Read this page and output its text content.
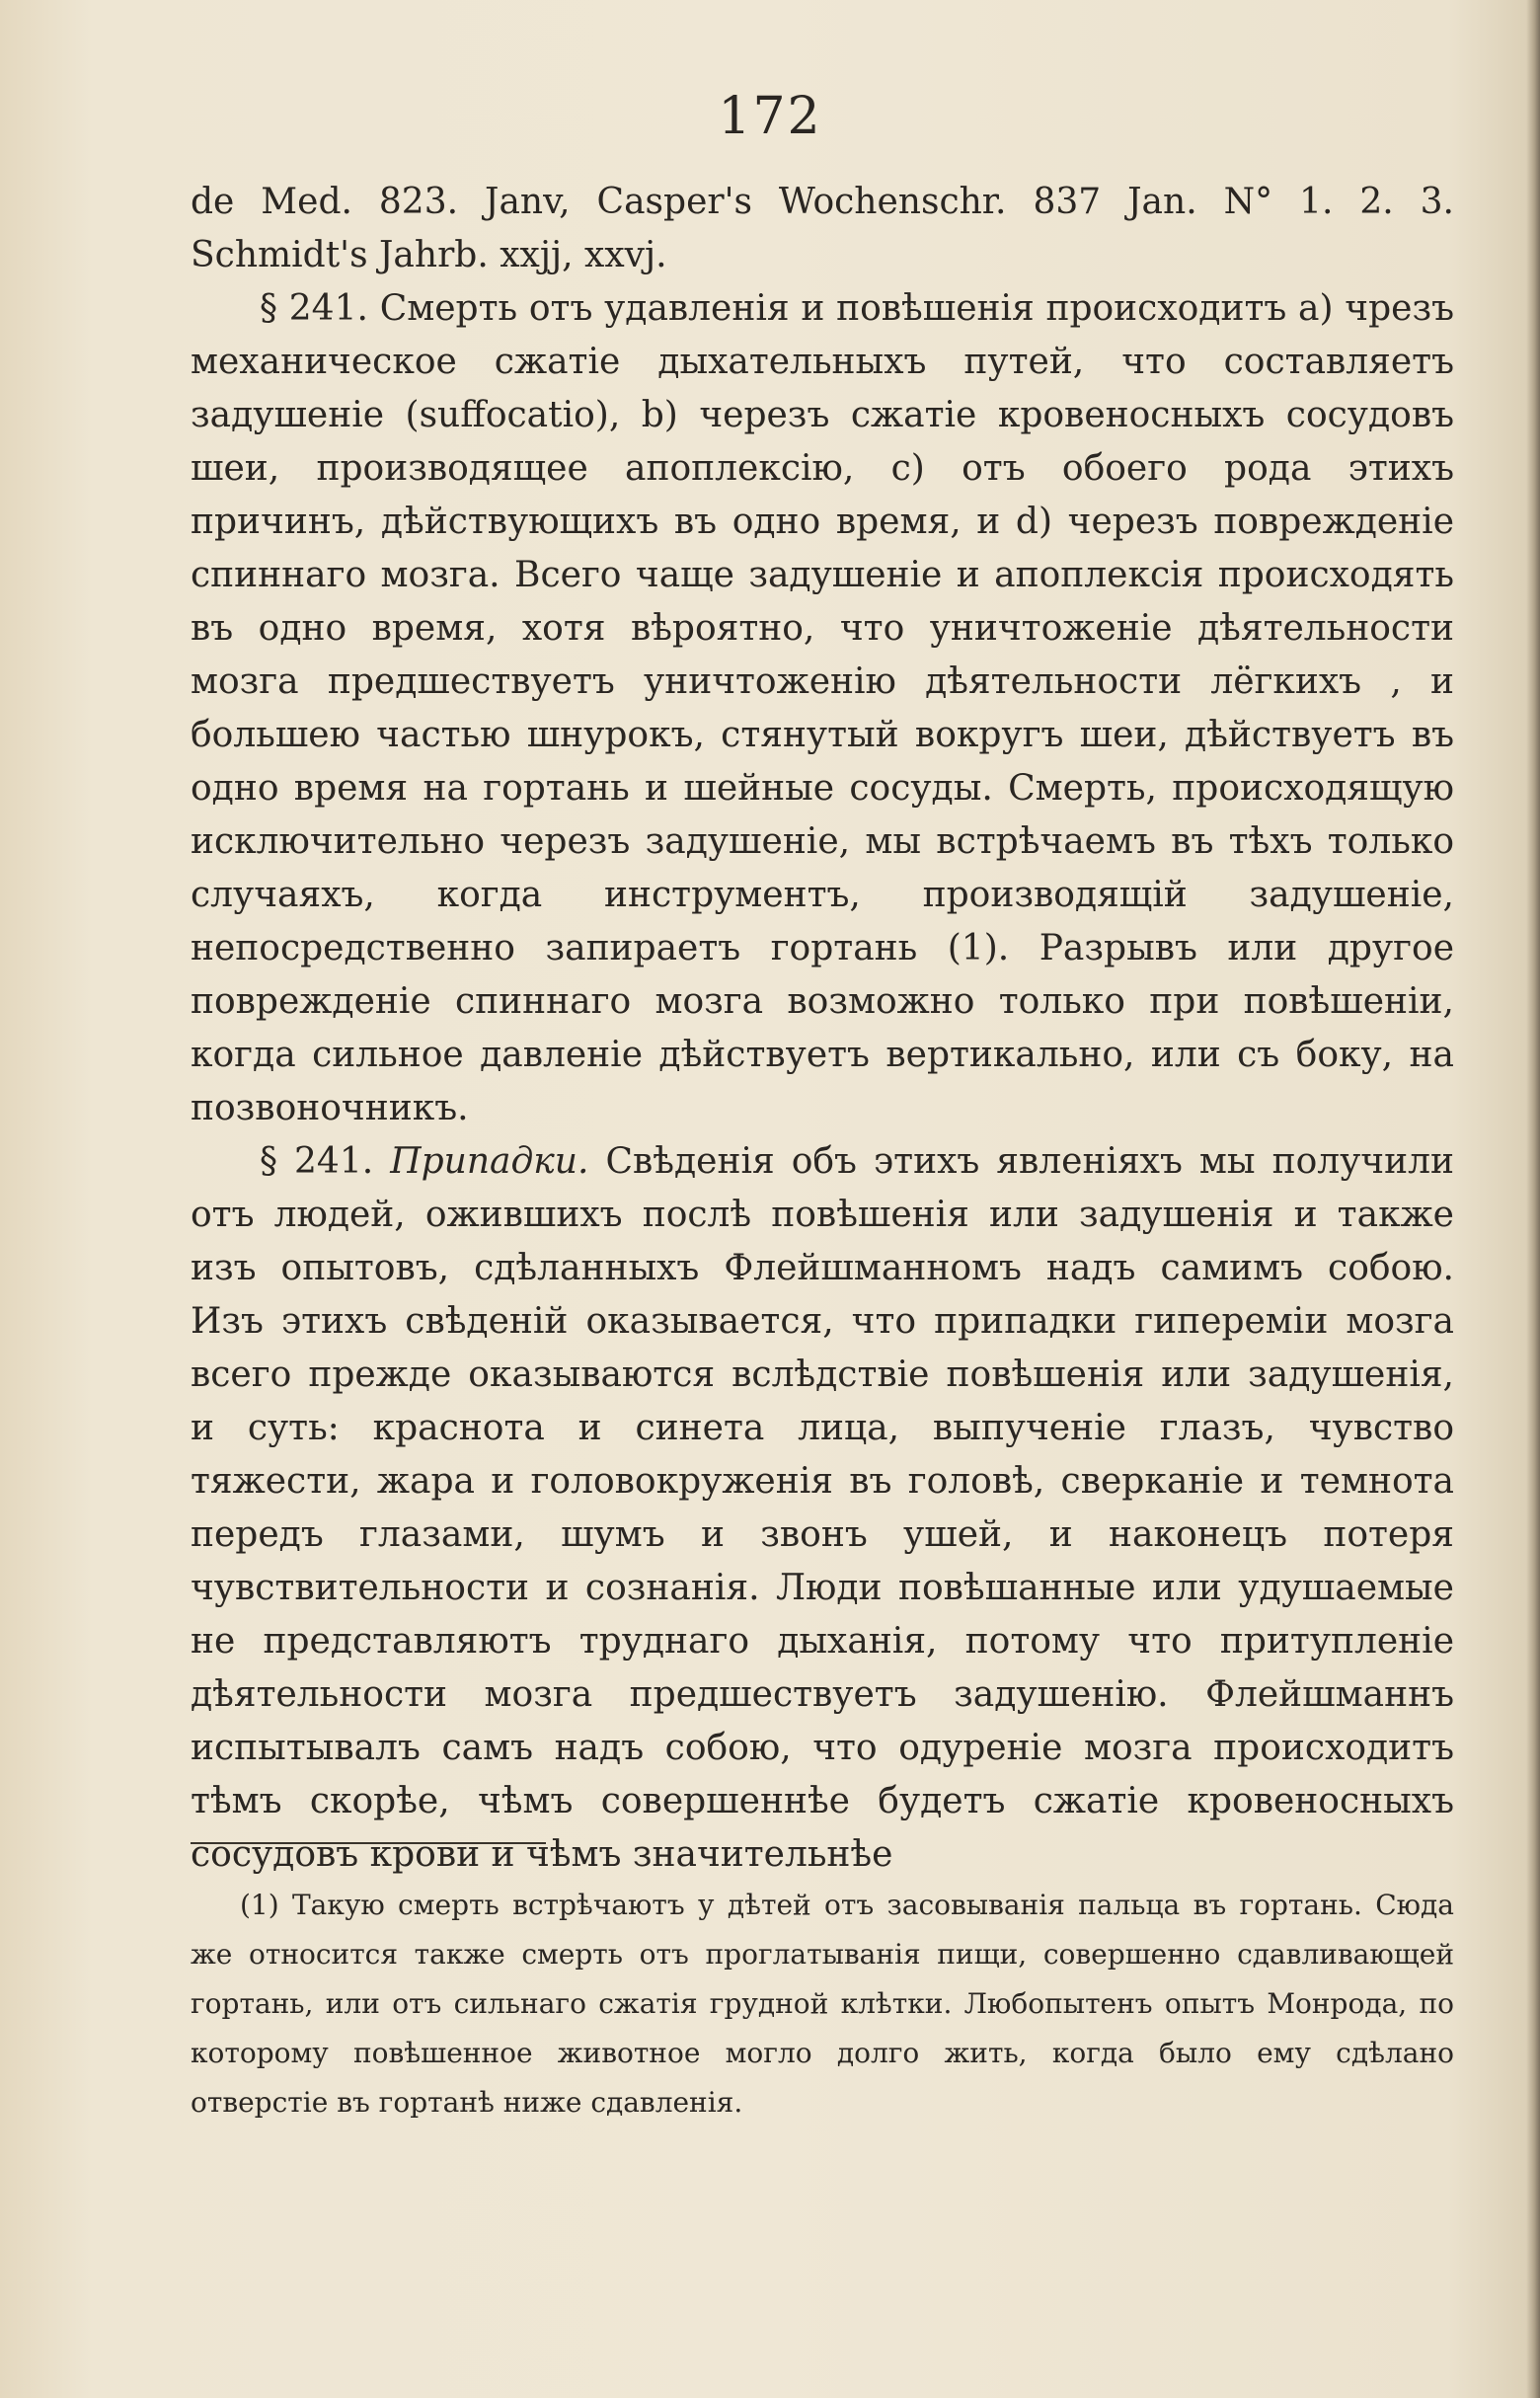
172

de Med. 823. Janv, Casper's Wochenschr. 837 Jan. N° 1. 2. 3. Schmidt's Jahrb. xxjj, xxvj.

§ 241. Смерть отъ удавленія и повѣшенія происходитъ a) чрезъ механическое сжатіе дыхательныхъ путей, что составляетъ задушеніе (suffocatio), b) черезъ сжатіе кровеносныхъ сосудовъ шеи, производящее апоплексію, c) отъ обоего рода этихъ причинъ, дѣйствующихъ въ одно время, и d) черезъ поврежденіе спиннаго мозга. Всего чаще задушеніе и апоплексія происходять въ одно время, хотя вѣроятно, что уничтоженіе дѣятельности мозга предшествуетъ уничтоженію дѣятельности лёгкихъ , и большею частью шнурокъ, стянутый вокругъ шеи, дѣйствуетъ въ одно время на гортань и шейные сосуды. Смерть, происходящую исключительно черезъ задушеніе, мы встрѣчаемъ въ тѣхъ только случаяхъ, когда инструментъ, производящій задушеніе, непосредственно запираетъ гортань (1). Разрывъ или другое поврежденіе спиннаго мозга возможно только при повѣшеніи, когда сильное давленіе дѣйствуетъ вертикально, или съ боку, на позвоночникъ.

§ 241. Припадки. Свѣденія объ этихъ явленіяхъ мы получили отъ людей, ожившихъ послѣ повѣшенія или задушенія и также изъ опытовъ, сдѣланныхъ Флейшманномъ надъ самимъ собою. Изъ этихъ свѣденій оказывается, что припадки гипереміи мозга всего прежде оказываются вслѣдствіе повѣшенія или задушенія, и суть: краснота и синета лица, выпученіе глазъ, чувство тяжести, жара и головокруженія въ головѣ, сверканіе и темнота передъ глазами, шумъ и звонъ ушей, и наконецъ потеря чувствительности и сознанія. Люди повѣшанные или удушаемые не представляютъ труднаго дыханія, потому что притупленіе дѣятельности мозга предшествуетъ задушенію. Флейшманнъ испытывалъ самъ надъ собою, что одуреніе мозга происходитъ тѣмъ скорѣе, чѣмъ совершеннѣе будетъ сжатіе кровеносныхъ сосудовъ крови и чѣмъ значительнѣе

(1) Такую смерть встрѣчаютъ у дѣтей отъ засовыванія пальца въ гортань. Сюда же относится также смерть отъ проглатыванія пищи, совершенно сдавливающей гортань, или отъ сильнаго сжатія грудной клѣтки. Любопытенъ опытъ Монрода, по которому повѣшенное животное могло долго жить, когда было ему сдѣлано отверстіе въ гортанѣ ниже сдавленія.
